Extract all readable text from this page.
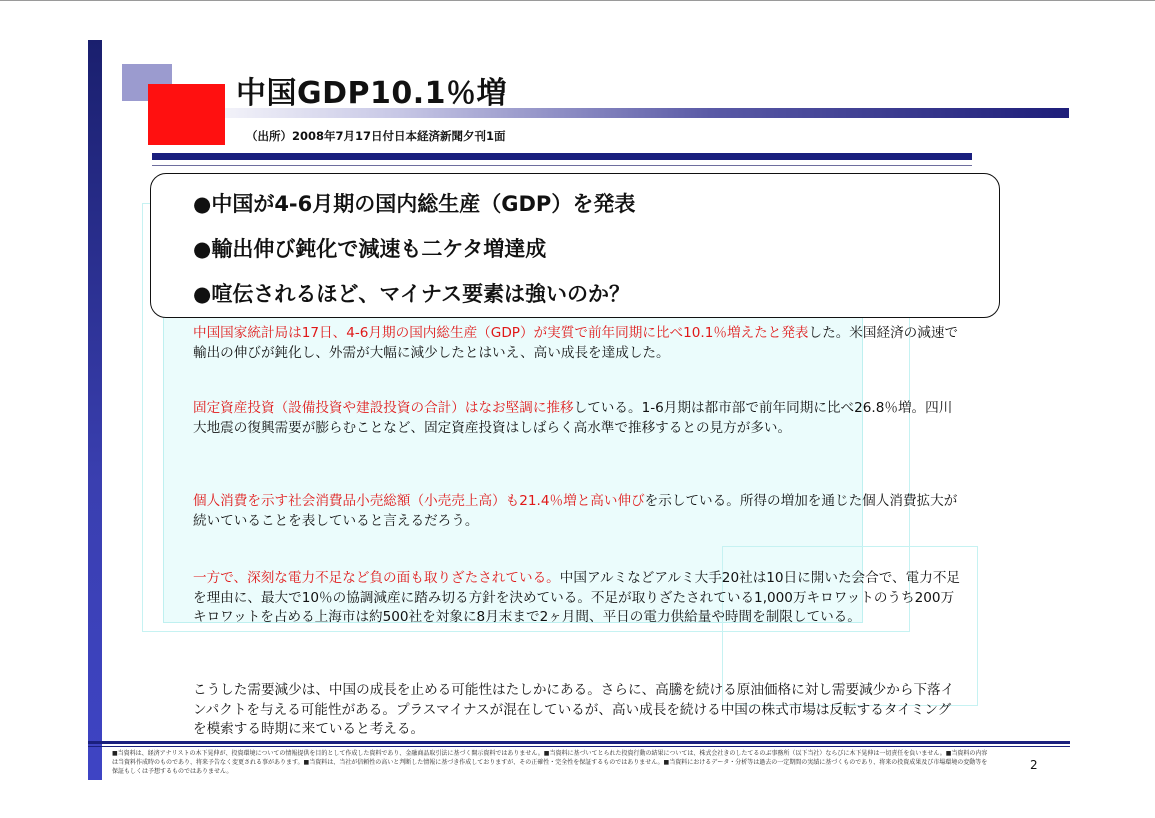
中国GDP10.1％増
（出所）2008年7月17日付日本経済新聞夕刊1面
●中国が4-6月期の国内総生産（GDP）を発表
●輸出伸び鈍化で減速も二ケタ増達成
●喧伝されるほど、マイナス要素は強いのか？
中国国家統計局は17日、4-6月期の国内総生産（GDP）が実質で前年同期に比べ10.1％増えたと発表した。米国経済の減速で輸出の伸びが鈍化し、外需が大幅に減少したとはいえ、高い成長を達成した。
固定資産投資（設備投資や建設投資の合計）はなお堅調に推移している。1-6月期は都市部で前年同期に比べ26.8％増。四川大地震の復興需要が膨らむことなど、固定資産投資はしばらく高水準で推移するとの見方が多い。
個人消費を示す社会消費品小売総額（小売売上高）も21.4％増と高い伸びを示している。所得の増加を通じた個人消費拡大が続いていることを表していると言えるだろう。
一方で、深刻な電力不足など負の面も取りざたされている。中国アルミなどアルミ大手20社は10日に開いた会合で、電力不足を理由に、最大で10％の協調減産に踏み切る方針を決めている。不足が取りざたされている1,000万キロワットのうち200万キロワットを占める上海市は約500社を対象に8月末まで2ヶ月間、平日の電力供給量や時間を制限している。
こうした需要減少は、中国の成長を止める可能性はたしかにある。さらに、高騰を続ける原油価格に対し需要減少から下落インパクトを与える可能性がある。プラスマイナスが混在しているが、高い成長を続ける中国の株式市場は反転するタイミングを模索する時期に来ていると考える。
■当資料は、経済アナリストの木下晃伸が、投資環境についての情報提供を目的として作成した資料であり、金融商品取引法に基づく開示資料ではありません。■当資料に基づいてとられた投資行動の結果については、株式会社きのしたてるのぶ事務所（以下当社）ならびに木下晃伸は一切責任を負いません。■当資料の内容は当資料作成時のものであり、将来予告なく変更される事があります。■当資料は、当社が信頼性の高いと判断した情報に基づき作成しておりますが、その正確性・完全性を保証するものではありません。■当資料におけるデータ・分析等は過去の一定期間の実績に基づくものであり、将来の投資成果及び市場環境の変動等を保証もしくは予想するものではありません。	2
